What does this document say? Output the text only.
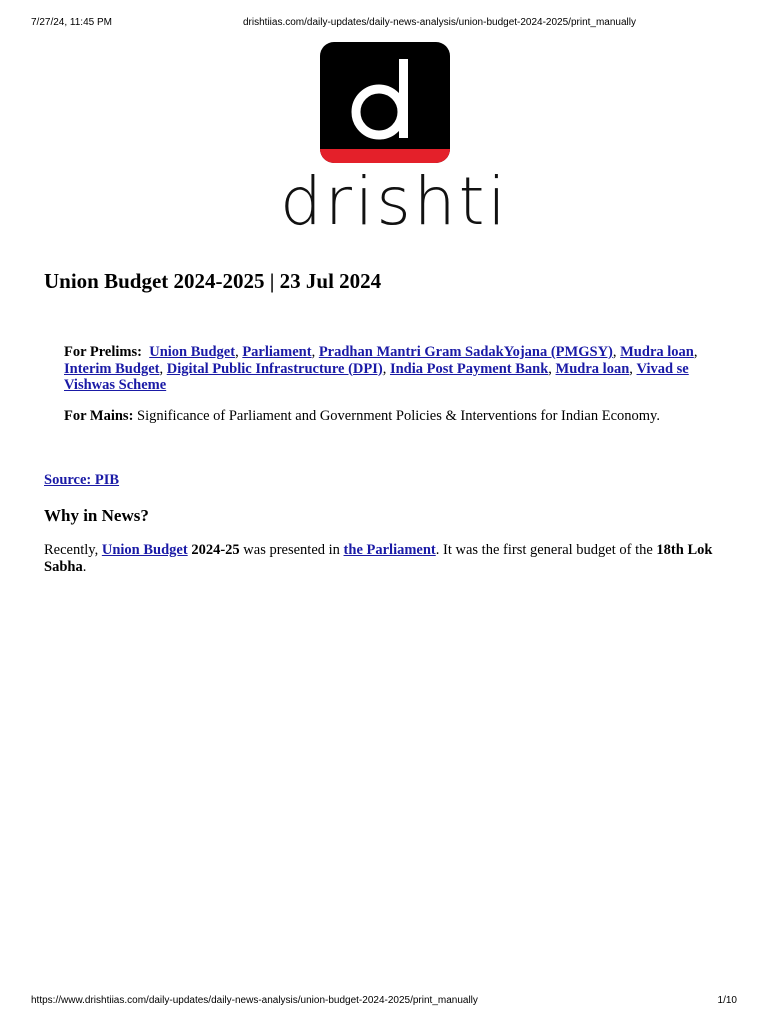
7/27/24, 11:45 PM	drishtiias.com/daily-updates/daily-news-analysis/union-budget-2024-2025/print_manually
drishti
Union Budget 2024-2025 | 23 Jul 2024

For Prelims: Union Budget, Parliament, Pradhan Mantri Gram SadakYojana (PMGSY), Mudra loan, Interim Budget, Digital Public Infrastructure (DPI), India Post Payment Bank, Mudra loan, Vivad se Vishwas Scheme

For Mains: Significance of Parliament and Government Policies & Interventions for Indian Economy.

Source: PIB
Why in News?

Recently, Union Budget 2024-25 was presented in the Parliament. It was the first general budget of the 18th Lok Sabha.

https://www.drishtiias.com/daily-updates/daily-news-analysis/union-budget-2024-2025/print_manually	1/10
